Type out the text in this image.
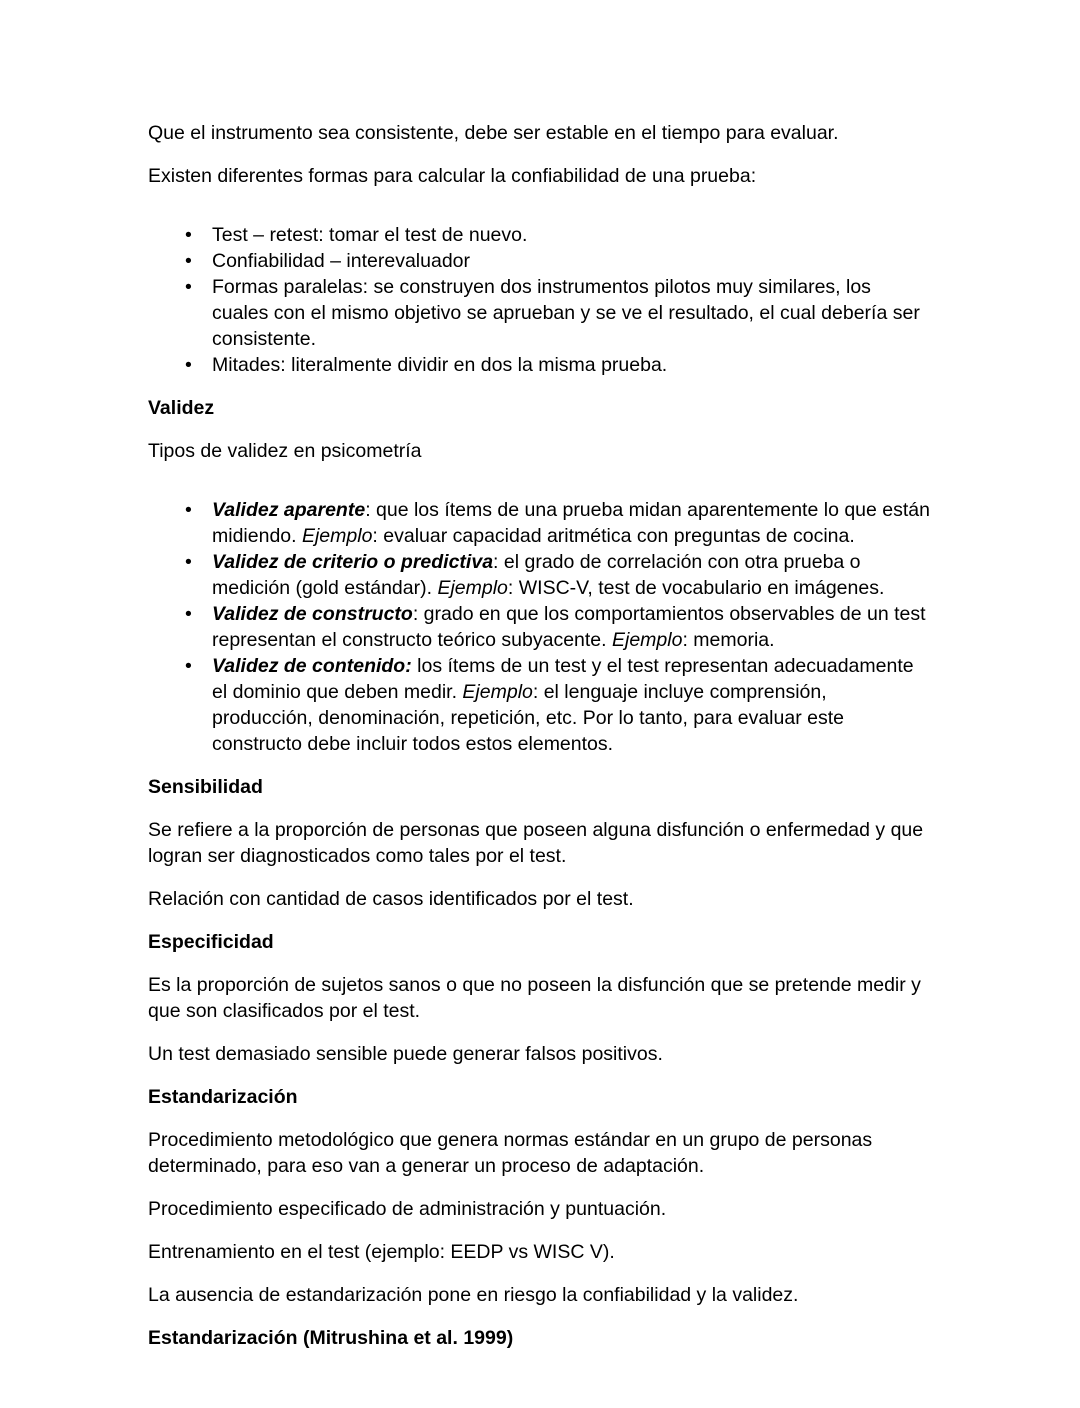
Que el instrumento sea consistente, debe ser estable en el tiempo para evaluar.

Existen diferentes formas para calcular la confiabilidad de una prueba:

• Test – retest: tomar el test de nuevo.
• Confiabilidad – interevaluador
• Formas paralelas: se construyen dos instrumentos pilotos muy similares, los cuales con el mismo objetivo se aprueban y se ve el resultado, el cual debería ser consistente.
• Mitades: literalmente dividir en dos la misma prueba.
Validez

Tipos de validez en psicometría

• Validez aparente: que los ítems de una prueba midan aparentemente lo que están midiendo. Ejemplo: evaluar capacidad aritmética con preguntas de cocina.
• Validez de criterio o predictiva: el grado de correlación con otra prueba o medición (gold estándar). Ejemplo: WISC-V, test de vocabulario en imágenes.
• Validez de constructo: grado en que los comportamientos observables de un test representan el constructo teórico subyacente. Ejemplo: memoria.
• Validez de contenido: los ítems de un test y el test representan adecuadamente el dominio que deben medir. Ejemplo: el lenguaje incluye comprensión, producción, denominación, repetición, etc. Por lo tanto, para evaluar este constructo debe incluir todos estos elementos.
Sensibilidad

Se refiere a la proporción de personas que poseen alguna disfunción o enfermedad y que logran ser diagnosticados como tales por el test.

Relación con cantidad de casos identificados por el test.

Especificidad

Es la proporción de sujetos sanos o que no poseen la disfunción que se pretende medir y que son clasificados por el test.

Un test demasiado sensible puede generar falsos positivos.

Estandarización

Procedimiento metodológico que genera normas estándar en un grupo de personas determinado, para eso van a generar un proceso de adaptación.

Procedimiento especificado de administración y puntuación.

Entrenamiento en el test (ejemplo: EEDP vs WISC V).

La ausencia de estandarización pone en riesgo la confiabilidad y la validez.

Estandarización (Mitrushina et al. 1999)
